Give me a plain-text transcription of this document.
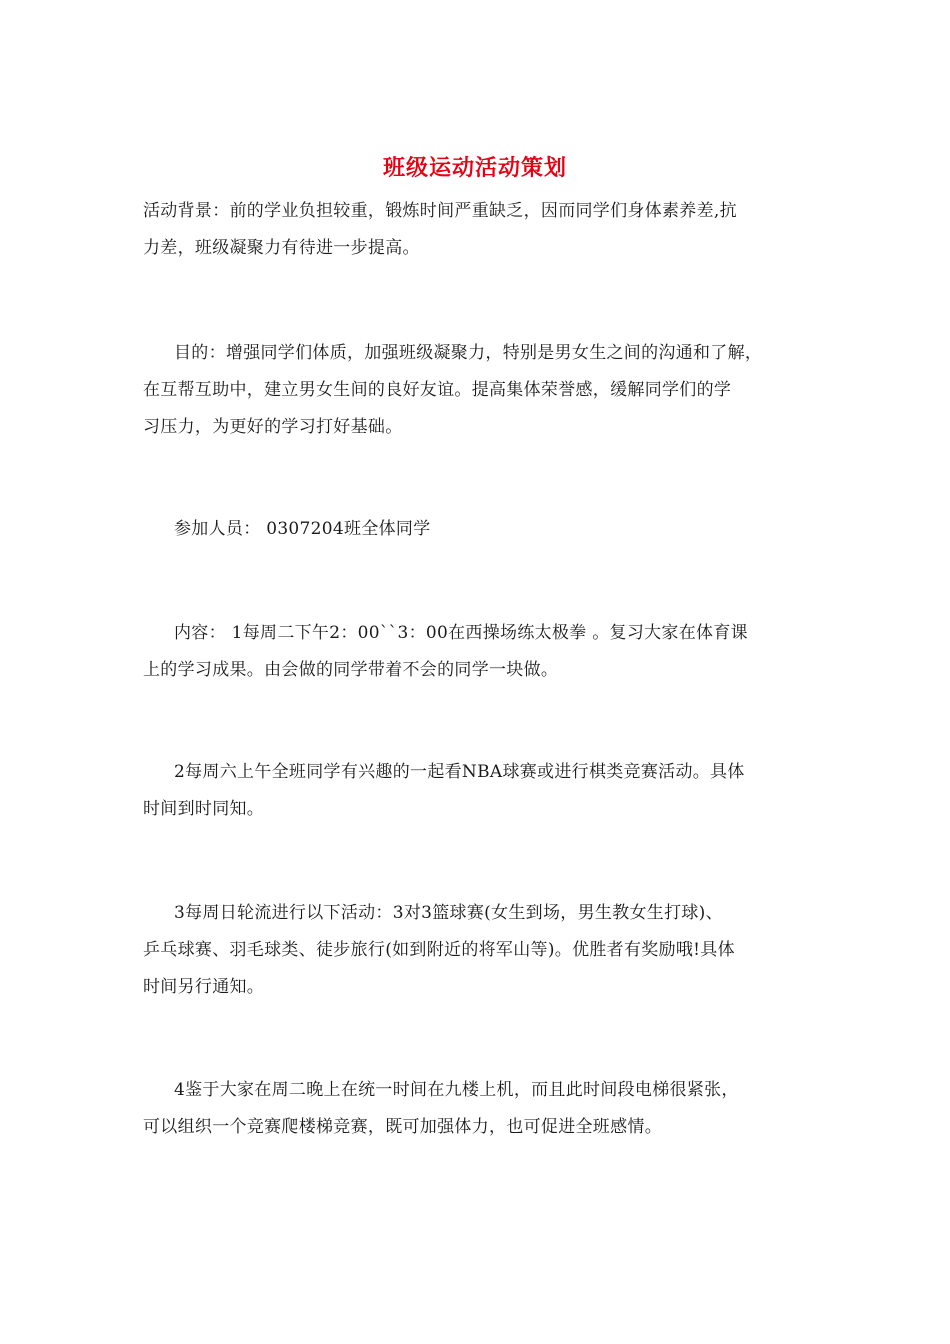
班级运动活动策划

活动背景：前的学业负担较重，锻炼时间严重缺乏，因而同学们身体素养差,抗
力差，班级凝聚力有待进一步提高。

目的：增强同学们体质，加强班级凝聚力，特别是男女生之间的沟通和了解，
在互帮互助中，建立男女生间的良好友谊。提高集体荣誉感，缓解同学们的学
习压力，为更好的学习打好基础。

参加人员： 0307204班全体同学

内容： 1每周二下午2：00``3：00在西操场练太极拳 。复习大家在体育课
上的学习成果。由会做的同学带着不会的同学一块做。

2每周六上午全班同学有兴趣的一起看NBA球赛或进行棋类竞赛活动。具体
时间到时同知。

3每周日轮流进行以下活动：3对3篮球赛(女生到场，男生教女生打球)、
乒乓球赛、羽毛球类、徒步旅行(如到附近的将军山等)。优胜者有奖励哦!具体
时间另行通知。

4鉴于大家在周二晚上在统一时间在九楼上机，而且此时间段电梯很紧张，
可以组织一个竞赛爬楼梯竞赛，既可加强体力，也可促进全班感情。
